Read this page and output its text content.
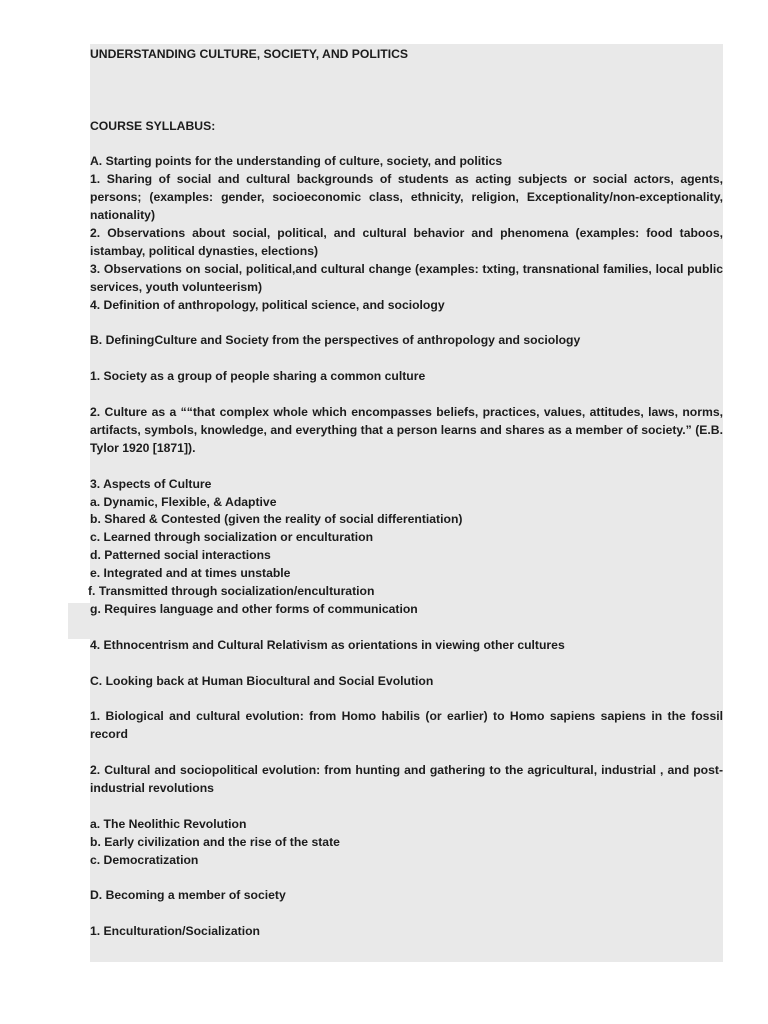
UNDERSTANDING CULTURE, SOCIETY, AND POLITICS

COURSE SYLLABUS:

A. Starting points for the understanding of culture, society, and politics

1. Sharing of social and cultural backgrounds of students as acting subjects or social actors, agents, persons; (examples: gender, socioeconomic class, ethnicity, religion, Exceptionality/non-exceptionality, nationality)

2. Observations about social, political, and cultural behavior and phenomena (examples: food taboos, istambay, political dynasties, elections)

3. Observations on social, political,and cultural change (examples: txting, transnational families, local public services, youth volunteerism)

4. Definition of anthropology, political science, and sociology

B. DefiningCulture and Society from the perspectives of anthropology and sociology

1. Society as a group of people sharing a common culture

2. Culture as a ““that complex whole which encompasses beliefs, practices, values, attitudes, laws, norms, artifacts, symbols, knowledge, and everything that a person learns and shares as a member of society.” (E.B. Tylor 1920 [1871]).

3. Aspects of Culture

a. Dynamic, Flexible, & Adaptive

b. Shared & Contested (given the reality of social differentiation)

c. Learned through socialization or enculturation

d. Patterned social interactions

e. Integrated and at times unstable

f. Transmitted through socialization/enculturation

g. Requires language and other forms of communication

4. Ethnocentrism and Cultural Relativism as orientations in viewing other cultures

C. Looking back at Human Biocultural and Social Evolution

1. Biological and cultural evolution: from Homo habilis (or earlier) to Homo sapiens sapiens in the fossil record

2. Cultural and sociopolitical evolution: from hunting and gathering to the agricultural, industrial , and post-industrial revolutions

a. The Neolithic Revolution

b. Early civilization and the rise of the state

c. Democratization

D. Becoming a member of society

1. Enculturation/Socialization
